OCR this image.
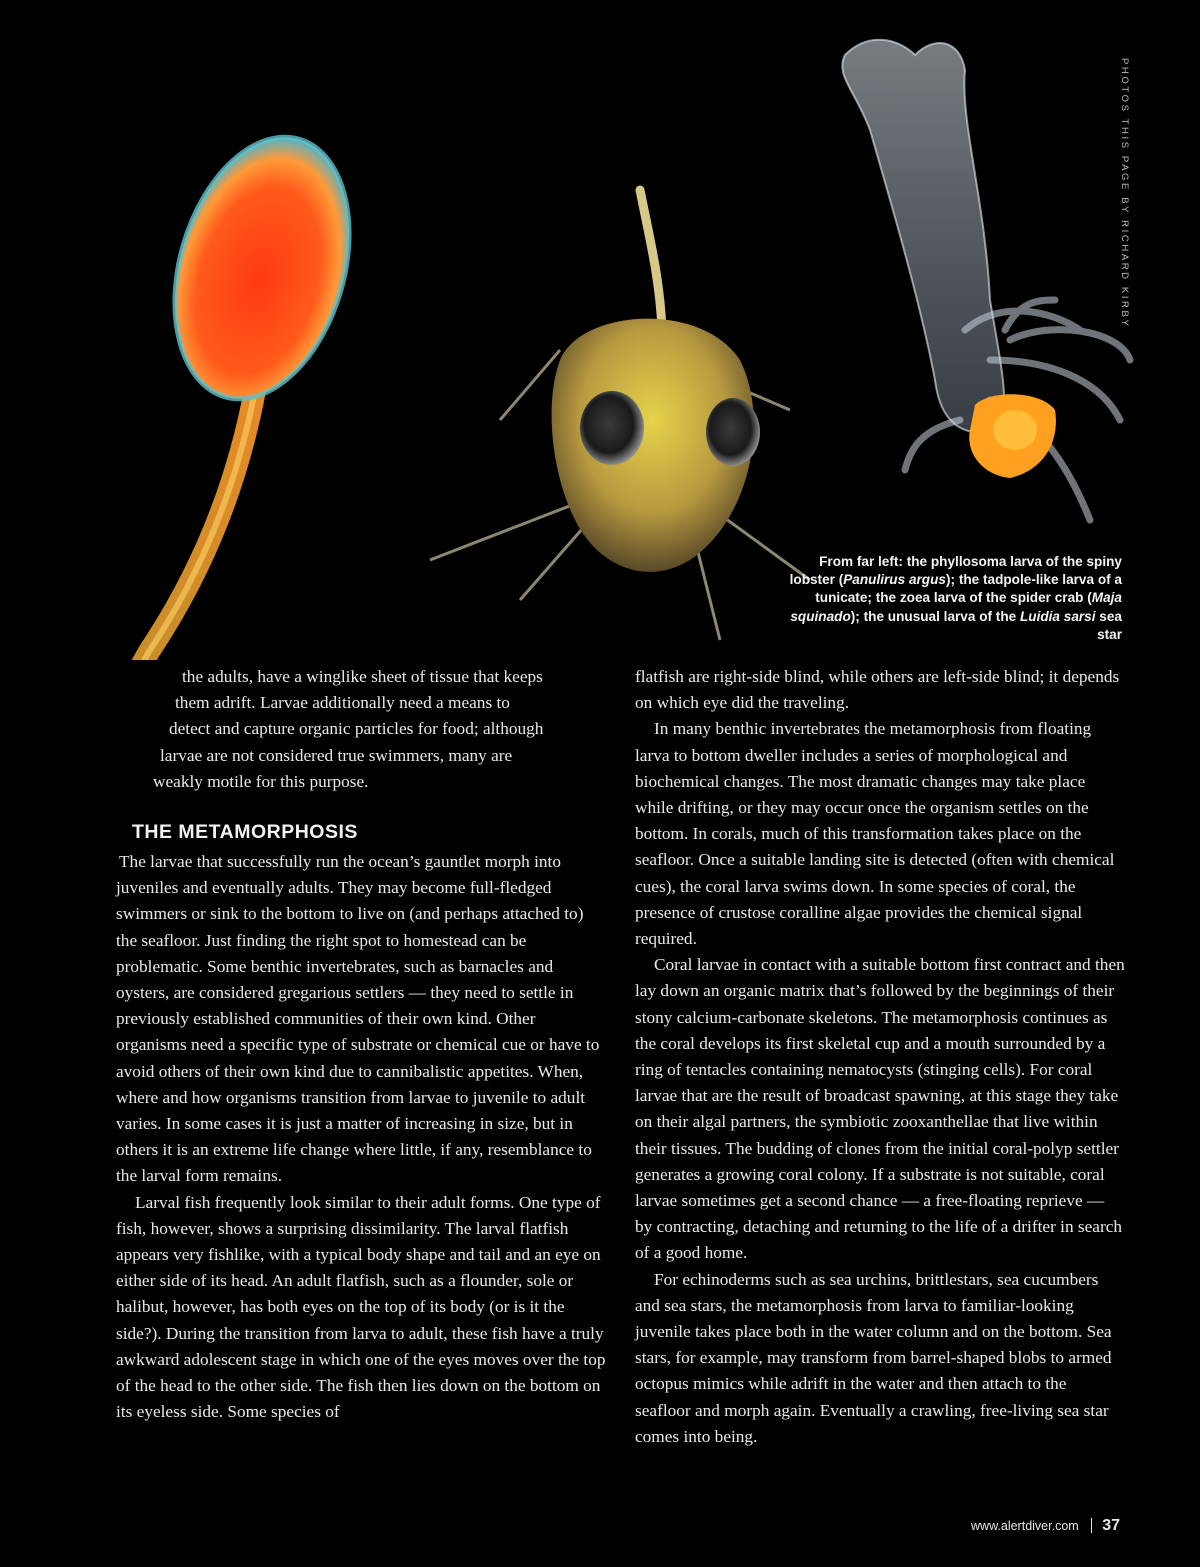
PHOTOS THIS PAGE BY RICHARD KIRBY
From far left: the phyllosoma larva of the spiny lobster (Panulirus argus); the tadpole-like larva of a tunicate; the zoea larva of the spider crab (Maja squinado); the unusual larva of the Luidia sarsi sea star
the adults, have a winglike sheet of tissue that keeps
them adrift. Larvae additionally need a means to
detect and capture organic particles for food; although
larvae are not considered true swimmers, many are
weakly motile for this purpose.

THE METAMORPHOSIS

The larvae that successfully run the ocean’s gauntlet morph into juveniles and eventually adults. They may become full-fledged swimmers or sink to the bottom to live on (and perhaps attached to) the seafloor. Just finding the right spot to homestead can be problematic. Some benthic invertebrates, such as barnacles and oysters, are considered gregarious settlers — they need to settle in previously established communities of their own kind. Other organisms need a specific type of substrate or chemical cue or have to avoid others of their own kind due to cannibalistic appetites. When, where and how organisms transition from larvae to juvenile to adult varies. In some cases it is just a matter of increasing in size, but in others it is an extreme life change where little, if any, resemblance to the larval form remains.

Larval fish frequently look similar to their adult forms. One type of fish, however, shows a surprising dissimilarity. The larval flatfish appears very fishlike, with a typical body shape and tail and an eye on either side of its head. An adult flatfish, such as a flounder, sole or halibut, however, has both eyes on the top of its body (or is it the side?). During the transition from larva to adult, these fish have a truly awkward adolescent stage in which one of the eyes moves over the top of the head to the other side. The fish then lies down on the bottom on its eyeless side. Some species of

flatfish are right-side blind, while others are left-side blind; it depends on which eye did the traveling.

In many benthic invertebrates the metamorphosis from floating larva to bottom dweller includes a series of morphological and biochemical changes. The most dramatic changes may take place while drifting, or they may occur once the organism settles on the bottom. In corals, much of this transformation takes place on the seafloor. Once a suitable landing site is detected (often with chemical cues), the coral larva swims down. In some species of coral, the presence of crustose coralline algae provides the chemical signal required.

Coral larvae in contact with a suitable bottom first contract and then lay down an organic matrix that’s followed by the beginnings of their stony calcium-carbonate skeletons. The metamorphosis continues as the coral develops its first skeletal cup and a mouth surrounded by a ring of tentacles containing nematocysts (stinging cells). For coral larvae that are the result of broadcast spawning, at this stage they take on their algal partners, the symbiotic zooxanthellae that live within their tissues. The budding of clones from the initial coral-polyp settler generates a growing coral colony. If a substrate is not suitable, coral larvae sometimes get a second chance — a free-floating reprieve — by contracting, detaching and returning to the life of a drifter in search of a good home.

For echinoderms such as sea urchins, brittlestars, sea cucumbers and sea stars, the metamorphosis from larva to familiar-looking juvenile takes place both in the water column and on the bottom. Sea stars, for example, may transform from barrel-shaped blobs to armed octopus mimics while adrift in the water and then attach to the seafloor and morph again. Eventually a crawling, free-living sea star comes into being.

www.alertdiver.com 37
